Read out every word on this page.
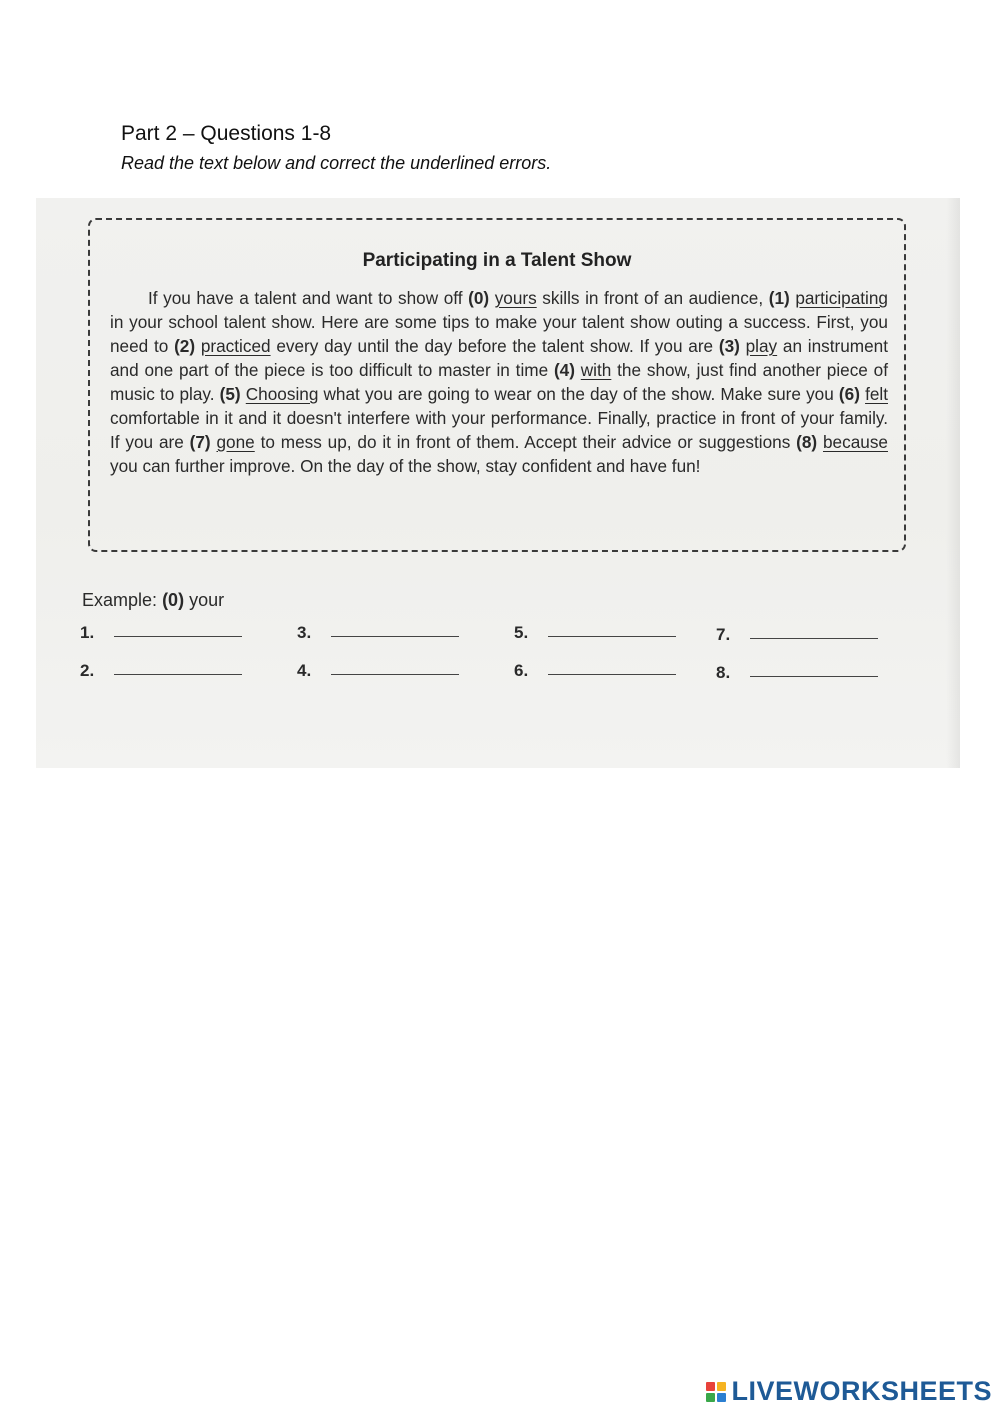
Part 2 – Questions 1-8
Read the text below and correct the underlined errors.
Participating in a Talent Show
If you have a talent and want to show off (0) yours skills in front of an audience, (1) participating in your school talent show. Here are some tips to make your talent show outing a success. First, you need to (2) practiced every day until the day before the talent show. If you are (3) play an instrument and one part of the piece is too difficult to master in time (4) with the show, just find another piece of music to play. (5) Choosing what you are going to wear on the day of the show. Make sure you (6) felt comfortable in it and it doesn't interfere with your performance. Finally, practice in front of your family. If you are (7) gone to mess up, do it in front of them. Accept their advice or suggestions (8) because you can further improve. On the day of the show, stay confident and have fun!
Example: (0) your
1.
2.
3.
4.
5.
6.
7.
8.
LIVEWORKSHEETS
